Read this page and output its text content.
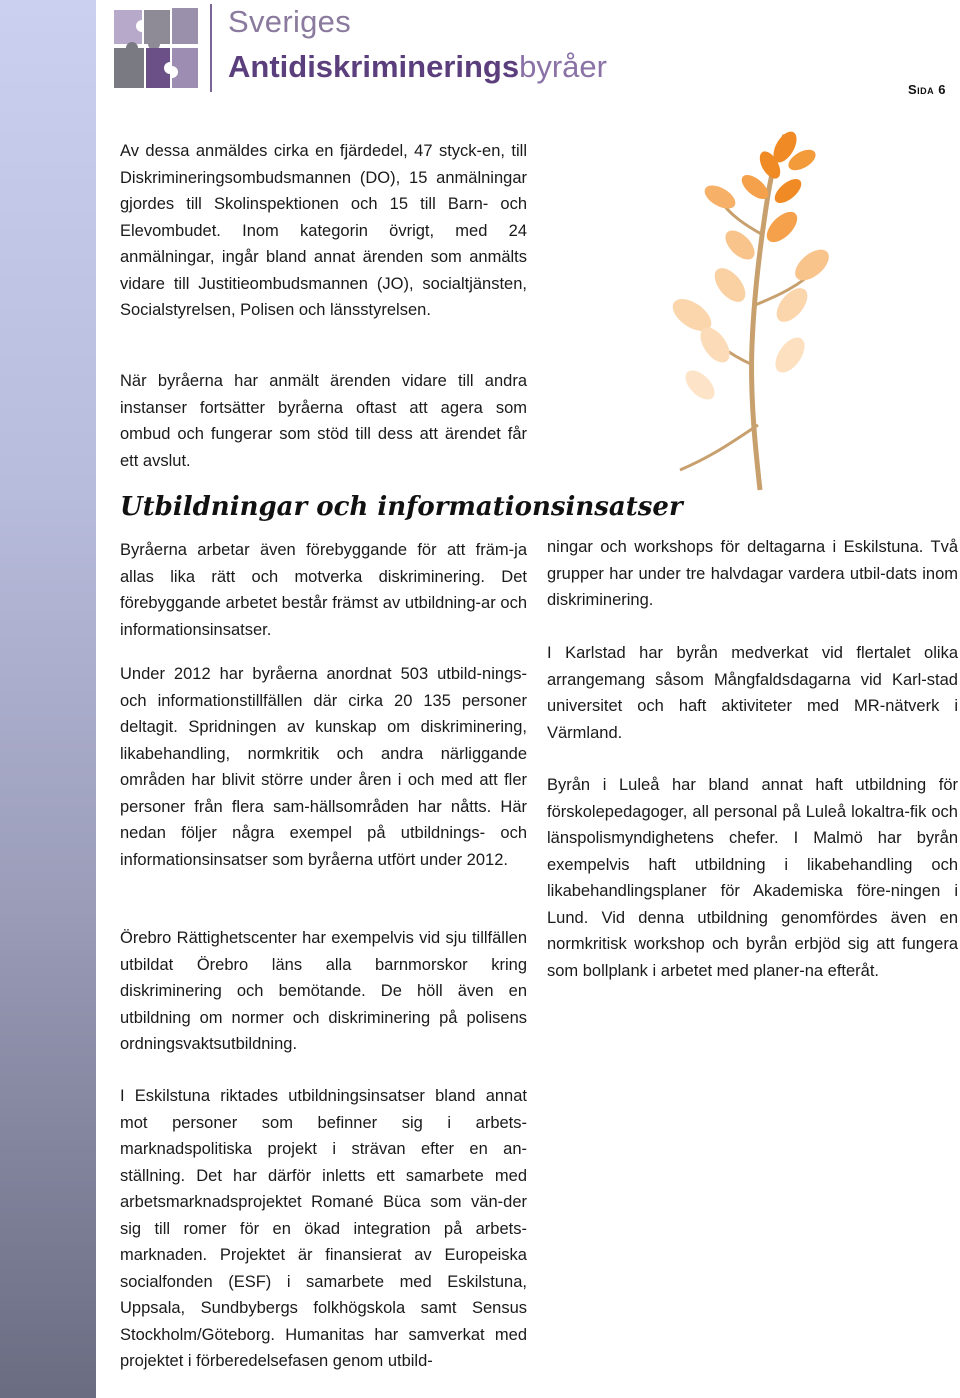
Sveriges
Antidiskrimineringsbyråer
Sida 6

Av dessa anmäldes cirka en fjärdedel, 47 styck-en, till Diskrimineringsombudsmannen (DO), 15 anmälningar gjordes till Skolinspektionen och 15 till Barn- och Elevombudet. Inom kategorin övrigt, med 24 anmälningar, ingår bland annat ärenden som anmälts vidare till Justitieombudsmannen (JO), socialtjänsten, Socialstyrelsen, Polisen och länsstyrelsen.

När byråerna har anmält ärenden vidare till andra instanser fortsätter byråerna oftast att agera som ombud och fungerar som stöd till dess att ärendet får ett avslut.

Utbildningar och informationsinsatser

Byråerna arbetar även förebyggande för att främ-ja allas lika rätt och motverka diskriminering. Det förebyggande arbetet består främst av utbildning-ar och informationsinsatser.

Under 2012 har byråerna anordnat 503 utbild-nings- och informationstillfällen där cirka 20 135 personer deltagit. Spridningen av kunskap om diskriminering, likabehandling, normkritik och andra närliggande områden har blivit större under åren i och med att fler personer från flera sam-hällsområden har nåtts. Här nedan följer några exempel på utbildnings- och informationsinsatser som byråerna utfört under 2012.

Örebro Rättighetscenter har exempelvis vid sju tillfällen utbildat Örebro läns alla barnmorskor kring diskriminering och bemötande. De höll även en utbildning om normer och diskriminering på polisens ordningsvaktsutbildning.

I Eskilstuna riktades utbildningsinsatser bland annat mot personer som befinner sig i arbets-marknadspolitiska projekt i strävan efter en an-ställning. Det har därför inletts ett samarbete med arbetsmarknadsprojektet Romané Büca som vän-der sig till romer för en ökad integration på arbets-marknaden. Projektet är finansierat av Europeiska socialfonden (ESF) i samarbete med Eskilstuna, Uppsala, Sundbybergs folkhögskola samt Sensus Stockholm/Göteborg. Humanitas har samverkat med projektet i förberedelsefasen genom utbild-

ningar och workshops för deltagarna i Eskilstuna. Två grupper har under tre halvdagar vardera utbil-dats inom diskriminering.

I Karlstad har byrån medverkat vid flertalet olika arrangemang såsom Mångfaldsdagarna vid Karl-stad universitet och haft aktiviteter med MR-nätverk i Värmland.

Byrån i Luleå har bland annat haft utbildning för förskolepedagoger, all personal på Luleå lokaltra-fik och länspolismyndighetens chefer. I Malmö har byrån exempelvis haft utbildning i likabehandling och likabehandlingsplaner för Akademiska före-ningen i Lund. Vid denna utbildning genomfördes även en normkritisk workshop och byrån erbjöd sig att fungera som bollplank i arbetet med planer-na efteråt.
